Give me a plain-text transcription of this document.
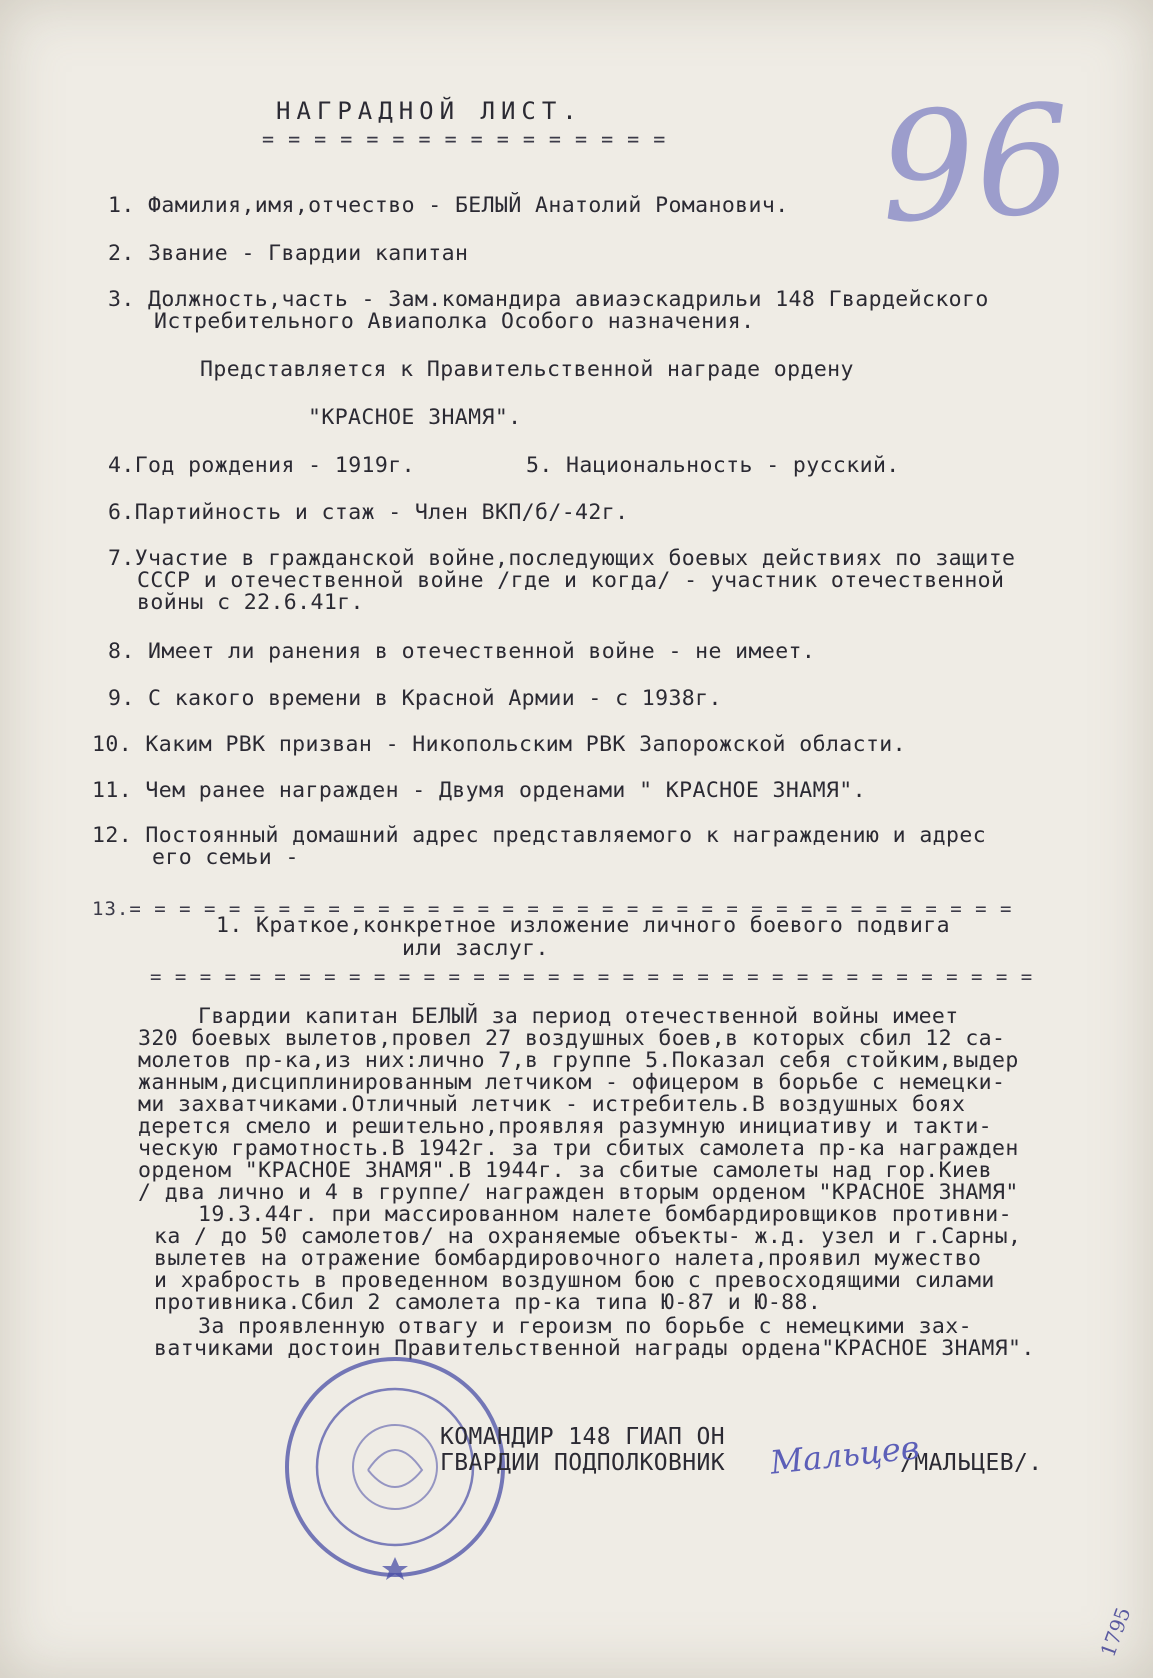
НАГРАДНОЙ ЛИСТ.
= = = = = = = = = = = = = = = = 96
1. Фамилия,имя,отчество - БЕЛЫЙ Анатолий Романович.
2. Звание - Гвардии капитан
3. Должность,часть - Зам.командира авиаэскадрильи 148 Гвардейского
Истребительного Авиаполка Особого назначения.
Представляется к Правительственной награде ордену
"КРАСНОЕ ЗНАМЯ".
4.Год рождения - 1919г.	5. Национальность - русский.
6.Партийность и стаж - Член ВКП/б/-42г.
7.Участие в гражданской войне,последующих боевых действиях по защите
СССР и отечественной войне /где и когда/ - участник отечественной
войны с 22.6.41г.
8. Имеет ли ранения в отечественной войне - не имеет.
9. С какого времени в Красной Армии - с 1938г.
10. Каким РВК призван - Никопольским РВК Запорожской области.
11. Чем ранее награжден - Двумя орденами " КРАСНОЕ ЗНАМЯ".
12. Постоянный домашний адрес представляемого к награждению и адрес
его семьи -
13.= = = = = = = = = = = = = = = = = = = = = = = = = = = = = = = = = = = =
1. Краткое,конкретное изложение личного боевого подвига
или заслуг.
= = = = = = = = = = = = = = = = = = = = = = = = = = = = = = = = = = = =
Гвардии капитан БЕЛЫЙ за период отечественной войны имеет
320 боевых вылетов,провел 27 воздушных боев,в которых сбил 12 са-
молетов пр-ка,из них:лично 7,в группе 5.Показал себя стойким,выдер
жанным,дисциплинированным летчиком - офицером в борьбе с немецки-
ми захватчиками.Отличный летчик - истребитель.В воздушных боях
дерется смело и решительно,проявляя разумную инициативу и такти-
ческую грамотность.В 1942г. за три сбитых самолета пр-ка награжден
орденом "КРАСНОЕ ЗНАМЯ".В 1944г. за сбитые самолеты над гор.Киев
/ два лично и 4 в группе/ награжден вторым орденом "КРАСНОЕ ЗНАМЯ"
19.3.44г. при массированном налете бомбардировщиков противни-
ка / до 50 самолетов/ на охраняемые объекты- ж.д. узел и г.Сарны,
вылетев на отражение бомбардировочного налета,проявил мужество
и храбрость в проведенном воздушном бою с превосходящими силами
противника.Сбил 2 самолета пр-ка типа Ю-87 и Ю-88.
За проявленную отвагу и героизм по борьбе с немецкими зах-
ватчиками достоин Правительственной награды ордена"КРАСНОЕ ЗНАМЯ".
КОМАНДИР 148 ГИАП ОН
ГВАРДИИ ПОДПОЛКОВНИК	/МАЛЬЦЕВ/.
Мальцев
1795
